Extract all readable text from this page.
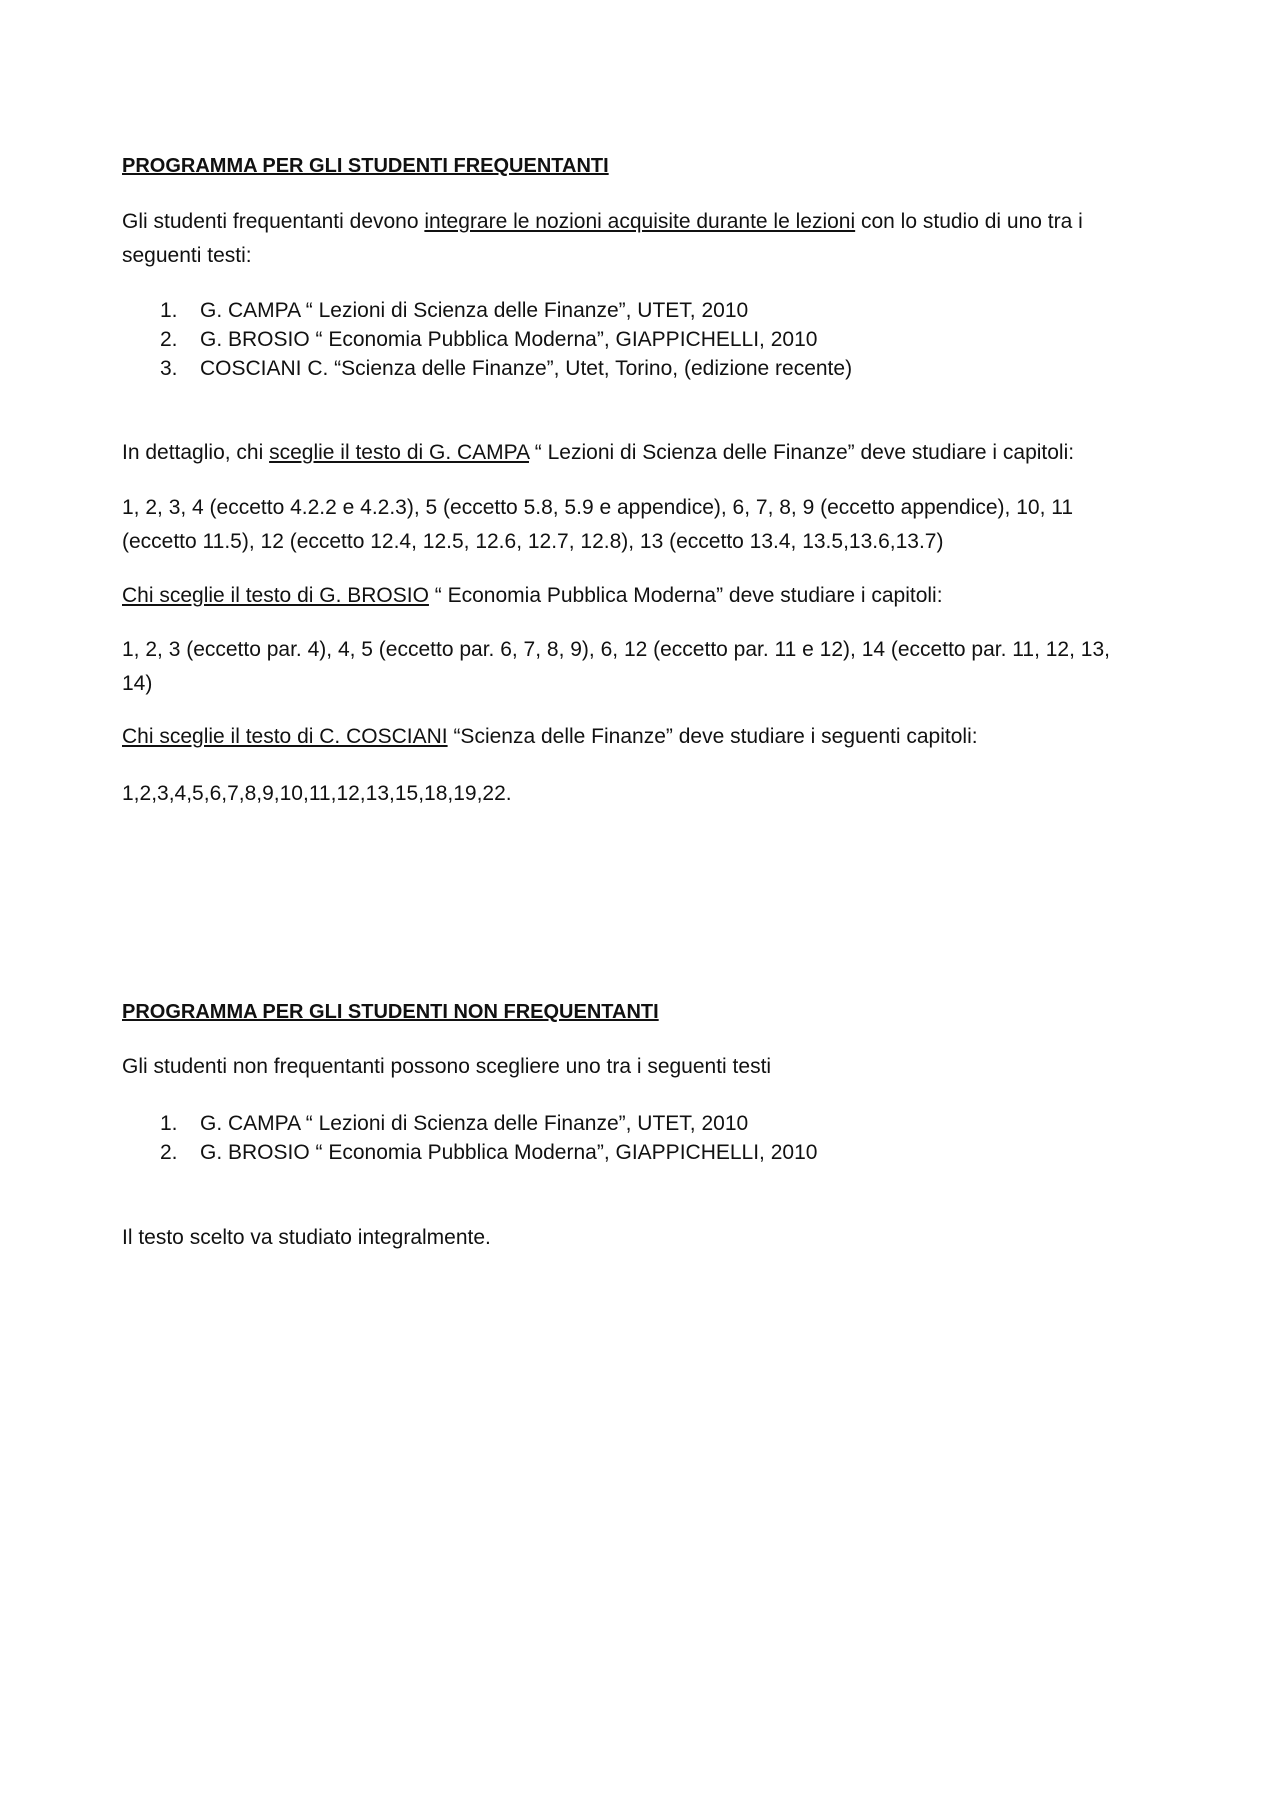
PROGRAMMA PER GLI STUDENTI FREQUENTANTI
Gli studenti frequentanti devono integrare le nozioni acquisite durante le lezioni con lo studio di uno tra i
seguenti testi:
1.	G. CAMPA “ Lezioni di Scienza delle Finanze”, UTET, 2010
2.	G. BROSIO “ Economia Pubblica Moderna”, GIAPPICHELLI, 2010
3.	COSCIANI C. “Scienza delle Finanze”, Utet, Torino, (edizione recente)
In dettaglio, chi sceglie il testo di G. CAMPA “ Lezioni di Scienza delle Finanze” deve studiare i capitoli:
1, 2, 3, 4 (eccetto 4.2.2 e 4.2.3), 5 (eccetto 5.8, 5.9 e appendice), 6, 7, 8, 9 (eccetto appendice), 10, 11
(eccetto 11.5), 12 (eccetto 12.4, 12.5, 12.6, 12.7, 12.8), 13 (eccetto 13.4, 13.5,13.6,13.7)
Chi sceglie il testo di G. BROSIO “ Economia Pubblica Moderna” deve studiare i capitoli:
1, 2, 3 (eccetto par. 4), 4, 5 (eccetto par. 6, 7, 8, 9), 6, 12 (eccetto par. 11 e 12), 14 (eccetto par. 11, 12, 13,
14)
Chi sceglie il testo di C. COSCIANI “Scienza delle Finanze” deve studiare i seguenti capitoli:
1,2,3,4,5,6,7,8,9,10,11,12,13,15,18,19,22.
PROGRAMMA PER GLI STUDENTI NON FREQUENTANTI
Gli studenti non frequentanti possono scegliere uno tra i seguenti testi
1.	G. CAMPA “ Lezioni di Scienza delle Finanze”, UTET, 2010
2.	G. BROSIO “ Economia Pubblica Moderna”, GIAPPICHELLI, 2010
Il testo scelto va studiato integralmente.
